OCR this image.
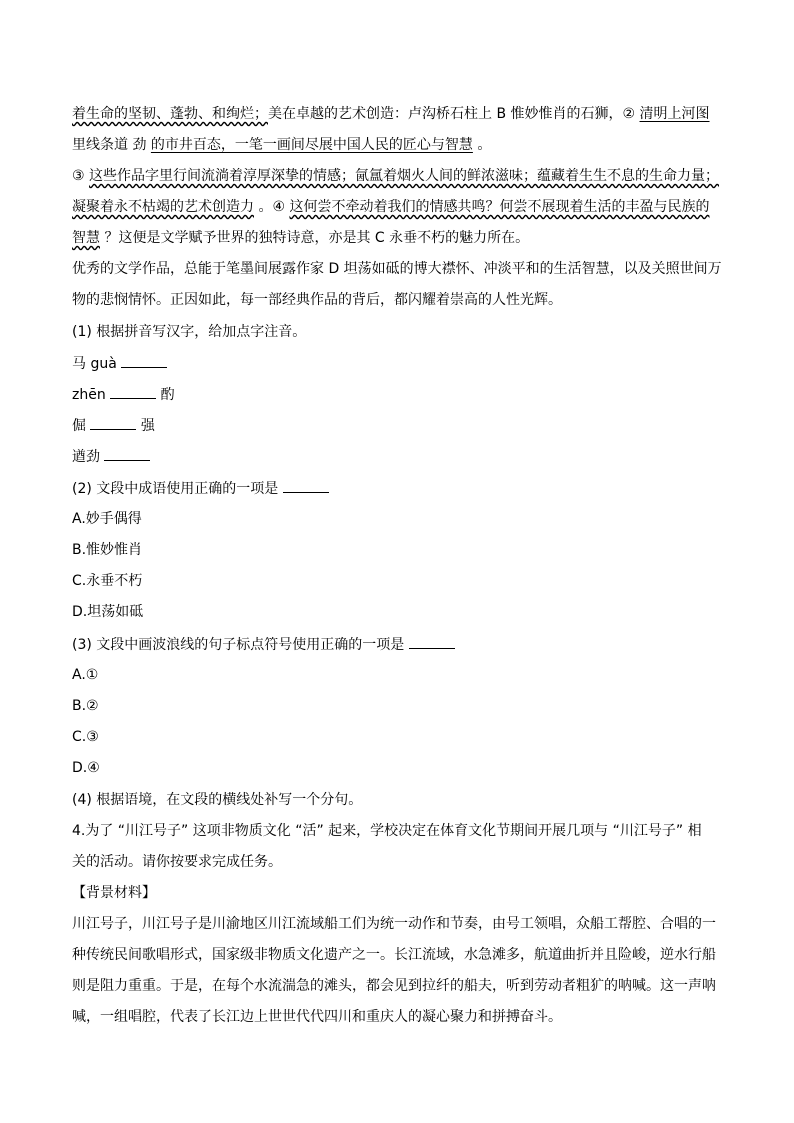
着生命的坚韧、蓬勃、和绚烂；美在卓越的艺术创造：卢沟桥石柱上 B 惟妙惟肖的石狮，② 清明上河图
里线条道 劲 的市井百态，一笔一画间尽展中国人民的匠心与智慧 。
③ 这些作品字里行间流淌着淳厚深挚的情感；氤氲着烟火人间的鲜浓滋味；蕴藏着生生不息的生命力量；
凝聚着永不枯竭的艺术创造力 。④ 这何尝不牵动着我们的情感共鸣？何尝不展现着生活的丰盈与民族的
智慧 ？这便是文学赋予世界的独特诗意，亦是其 C 永垂不朽的魅力所在。
优秀的文学作品，总能于笔墨间展露作家 D 坦荡如砥的博大襟怀、冲淡平和的生活智慧，以及关照世间万
物的悲悯情怀。正因如此，每一部经典作品的背后，都闪耀着崇高的人性光辉。
(1) 根据拼音写汉字，给加点字注音。
马 guà
zhēn	酌
倔	强
遒劲
(2) 文段中成语使用正确的一项是
A.妙手偶得
B.惟妙惟肖
C.永垂不朽
D.坦荡如砥
(3) 文段中画波浪线的句子标点符号使用正确的一项是
A.①
B.②
C.③
D.④
(4) 根据语境，在文段的横线处补写一个分句。
4.为了 “川江号子” 这项非物质文化 “活” 起来，学校决定在体育文化节期间开展几项与 “川江号子” 相
关的活动。请你按要求完成任务。
【背景材料】
川江号子，川江号子是川渝地区川江流域船工们为统一动作和节奏，由号工领唱，众船工帮腔、合唱的一
种传统民间歌唱形式，国家级非物质文化遗产之一。长江流域，水急滩多，航道曲折并且险峻，逆水行船
则是阻力重重。于是，在每个水流湍急的滩头，都会见到拉纤的船夫，听到劳动者粗犷的呐喊。这一声呐
喊，一组唱腔，代表了长江边上世世代代四川和重庆人的凝心聚力和拼搏奋斗。
